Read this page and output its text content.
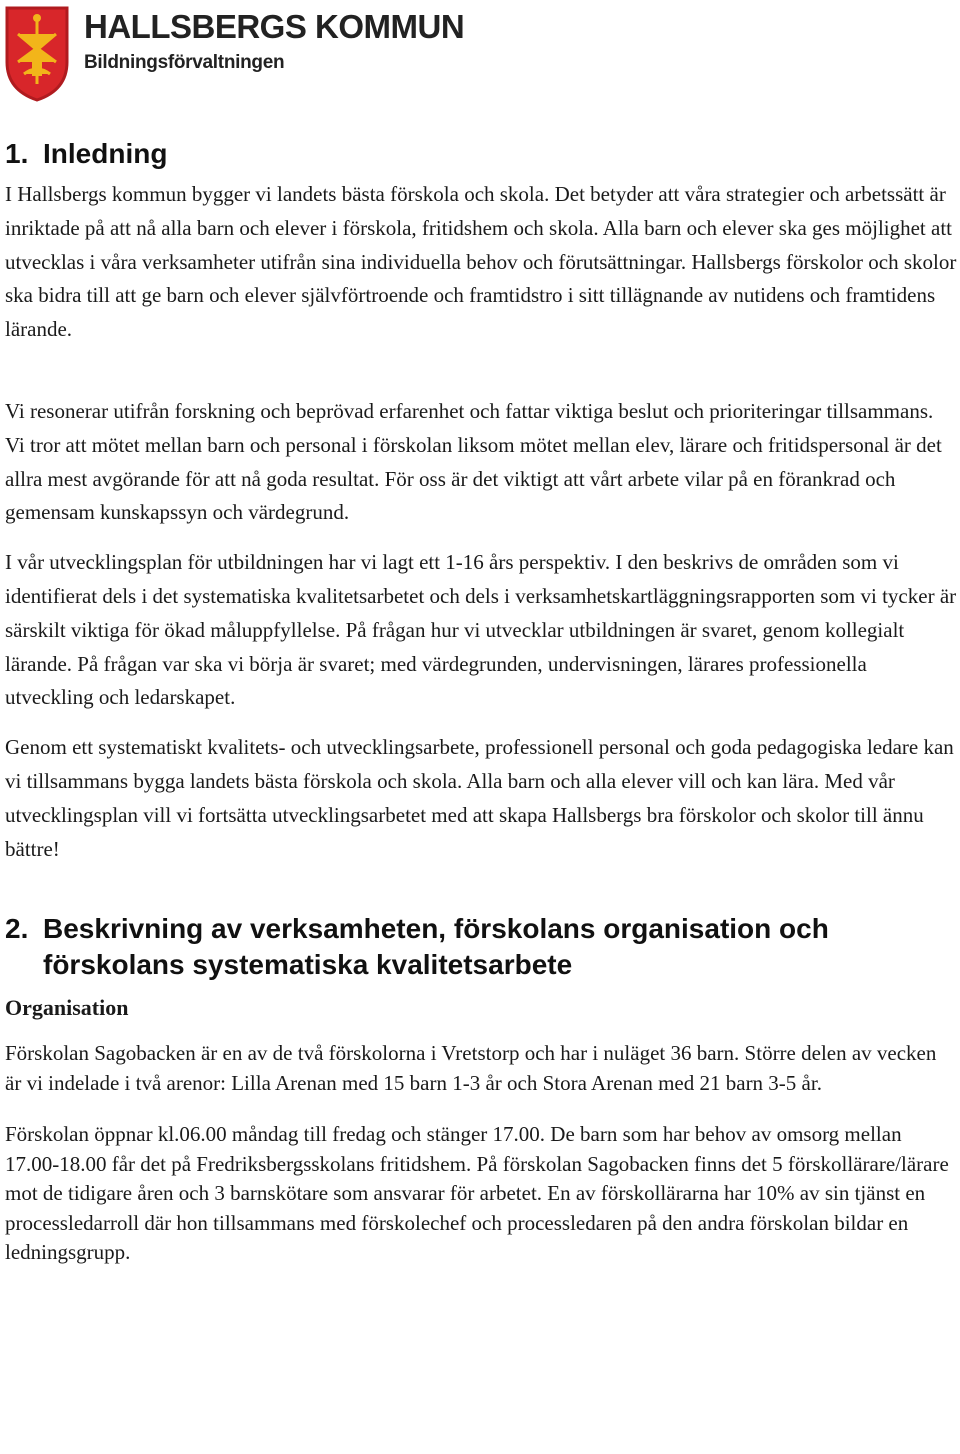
HALLSBERGS KOMMUN
Bildningsförvaltningen
1. Inledning

I Hallsbergs kommun bygger vi landets bästa förskola och skola. Det betyder att våra strategier och arbetssätt är inriktade på att nå alla barn och elever i förskola, fritidshem och skola. Alla barn och elever ska ges möjlighet att utvecklas i våra verksamheter utifrån sina individuella behov och förutsättningar. Hallsbergs förskolor och skolor ska bidra till att ge barn och elever självförtroende och framtidstro i sitt tillägnande av nutidens och framtidens lärande.

Vi resonerar utifrån forskning och beprövad erfarenhet och fattar viktiga beslut och prioriteringar tillsammans. Vi tror att mötet mellan barn och personal i förskolan liksom mötet mellan elev, lärare och fritidspersonal är det allra mest avgörande för att nå goda resultat. För oss är det viktigt att vårt arbete vilar på en förankrad och gemensam kunskapssyn och värdegrund.

I vår utvecklingsplan för utbildningen har vi lagt ett 1-16 års perspektiv. I den beskrivs de områden som vi identifierat dels i det systematiska kvalitetsarbetet och dels i verksamhetskartläggningsrapporten som vi tycker är särskilt viktiga för ökad måluppfyllelse. På frågan hur vi utvecklar utbildningen är svaret, genom kollegialt lärande. På frågan var ska vi börja är svaret; med värdegrunden, undervisningen, lärares professionella utveckling och ledarskapet.

Genom ett systematiskt kvalitets- och utvecklingsarbete, professionell personal och goda pedagogiska ledare kan vi tillsammans bygga landets bästa förskola och skola. Alla barn och alla elever vill och kan lära. Med vår utvecklingsplan vill vi fortsätta utvecklingsarbetet med att skapa Hallsbergs bra förskolor och skolor till ännu bättre!

2. Beskrivning av verksamheten, förskolans organisation och förskolans systematiska kvalitetsarbete
Organisation

Förskolan Sagobacken är en av de två förskolorna i Vretstorp och har i nuläget 36 barn. Större delen av vecken är vi indelade i två arenor: Lilla Arenan med 15 barn 1-3 år och Stora Arenan med 21 barn 3-5 år.

Förskolan öppnar kl.06.00 måndag till fredag och stänger 17.00. De barn som har behov av omsorg mellan 17.00-18.00 får det på Fredriksbergsskolans fritidshem. På förskolan Sagobacken finns det 5 förskollärare/lärare mot de tidigare åren och 3 barnskötare som ansvarar för arbetet. En av förskollärarna har 10% av sin tjänst en processledarroll där hon tillsammans med förskolechef och processledaren på den andra förskolan bildar en ledningsgrupp.
